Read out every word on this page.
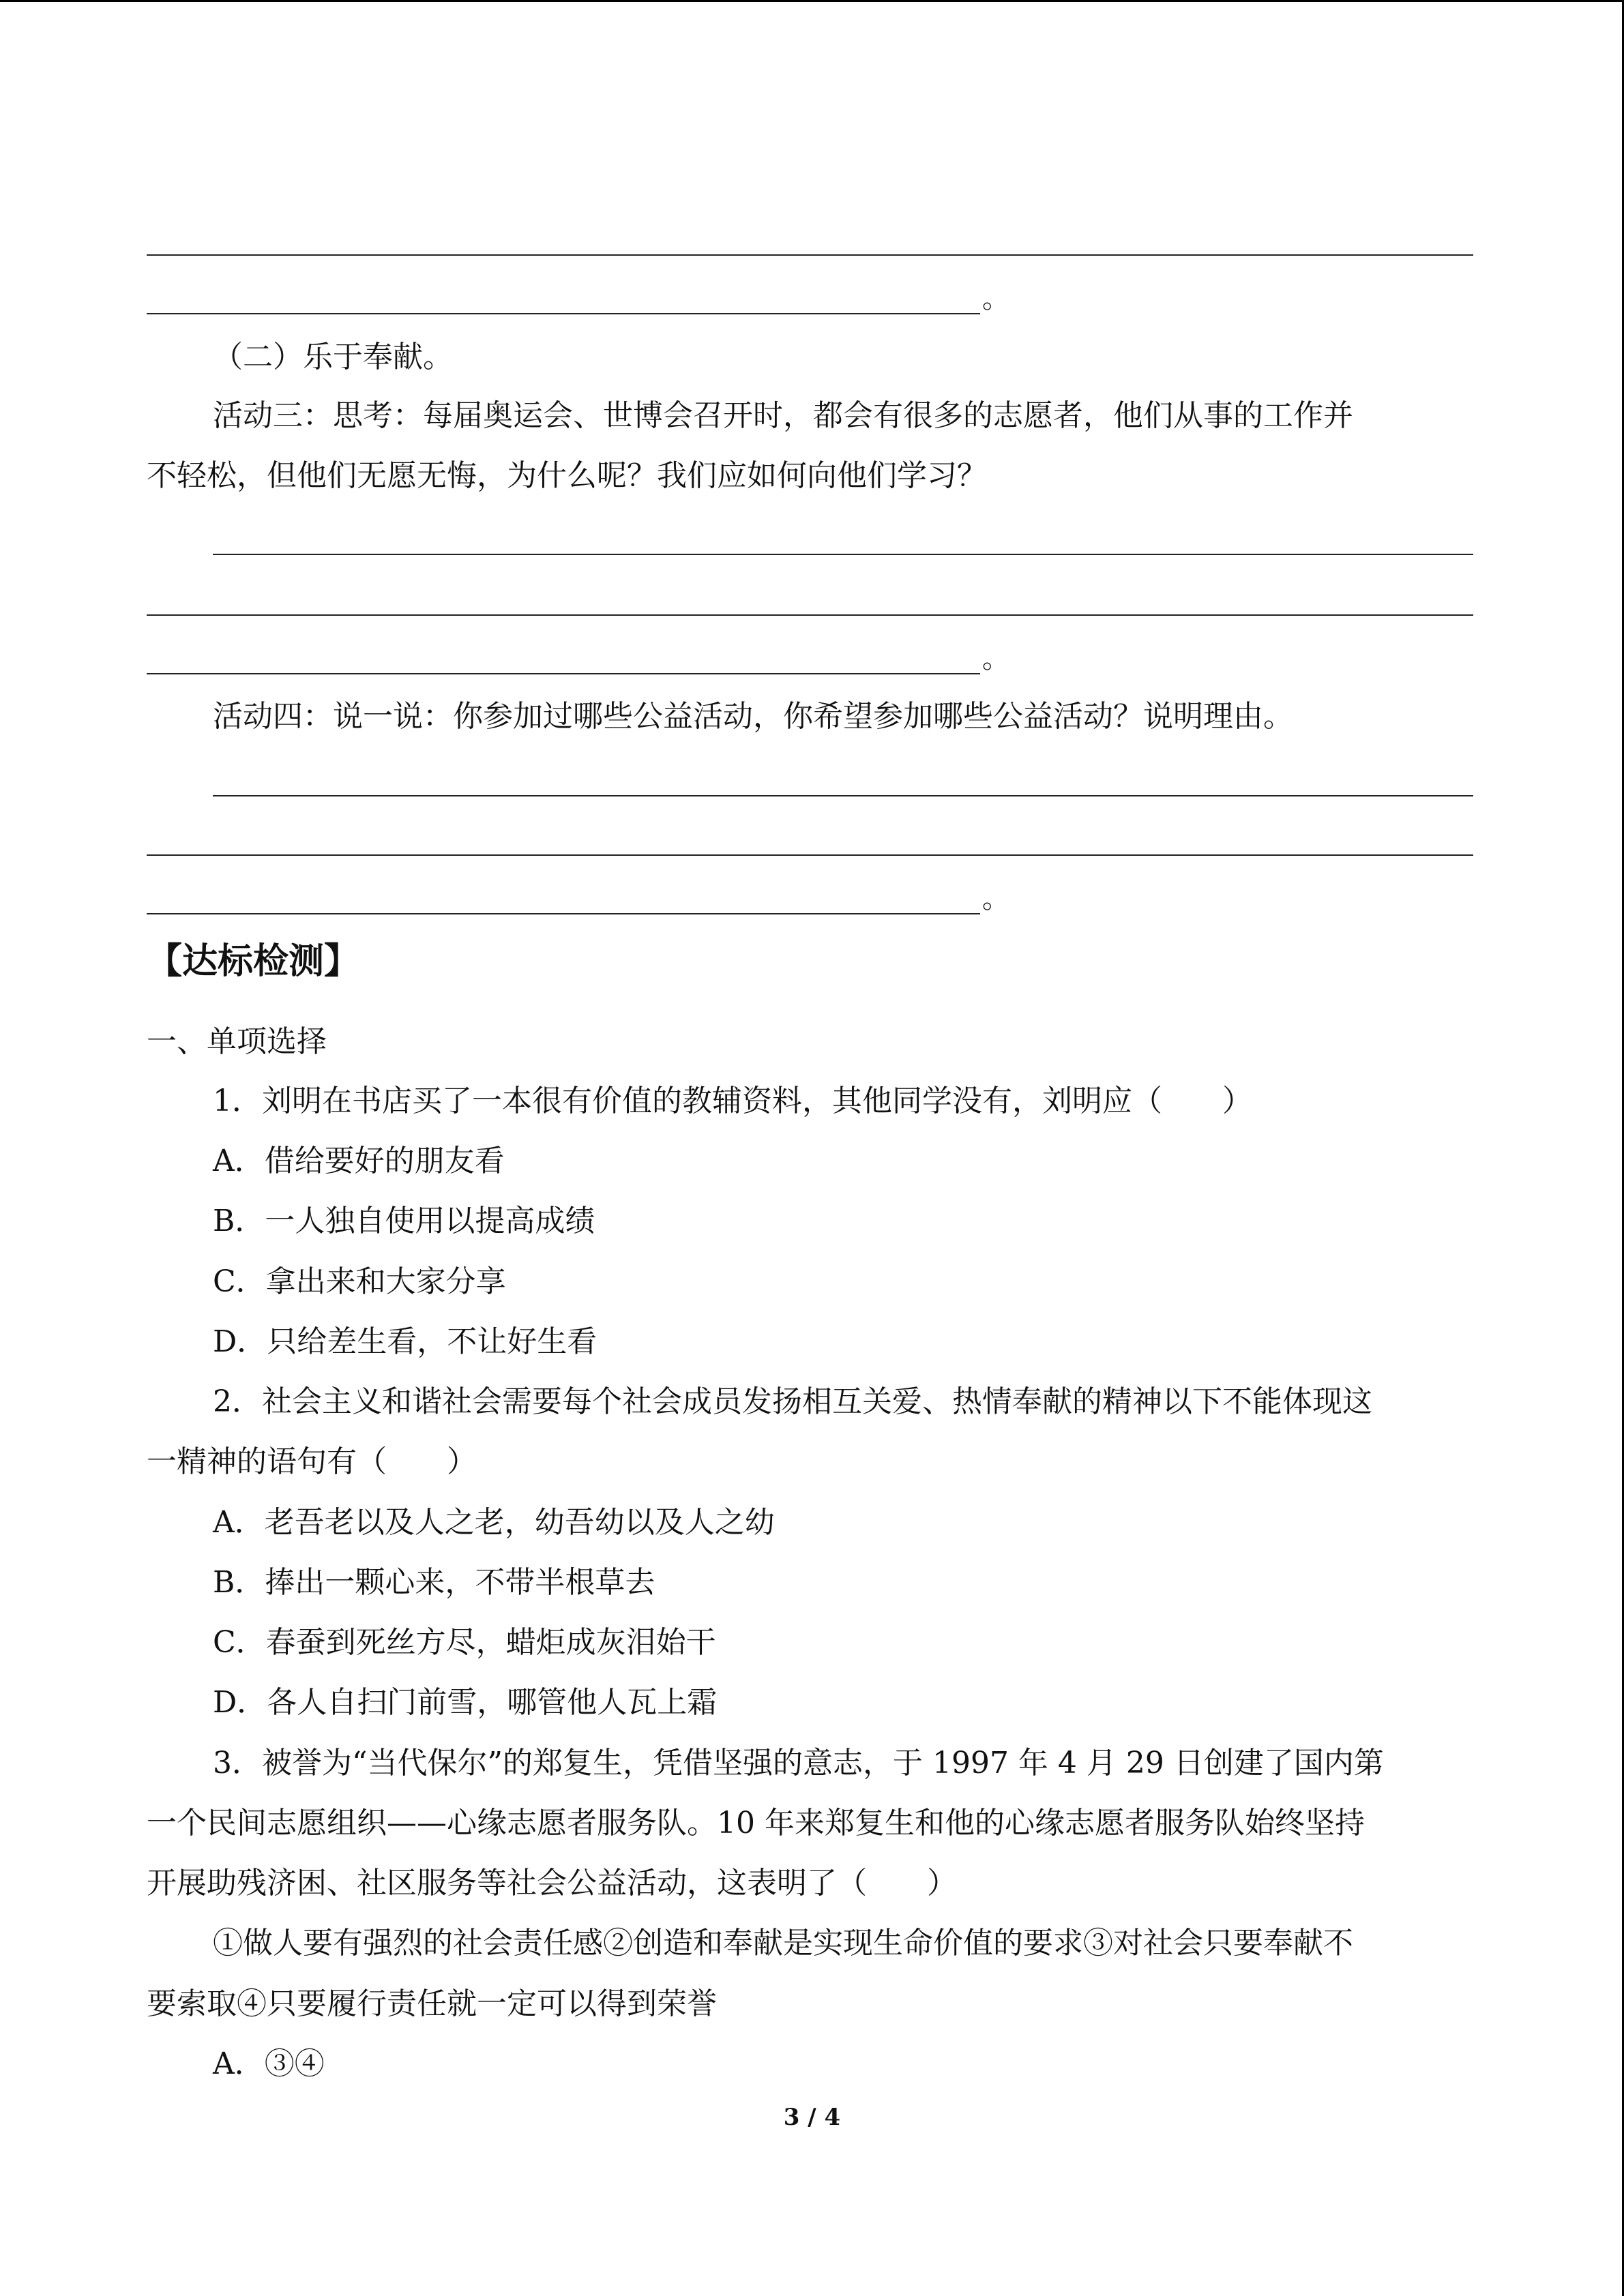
。
（二）乐于奉献。
活动三：思考：每届奥运会、世博会召开时，都会有很多的志愿者，他们从事的工作并
不轻松，但他们无愿无悔，为什么呢？我们应如何向他们学习？
。
活动四：说一说：你参加过哪些公益活动，你希望参加哪些公益活动？说明理由。
。
【达标检测】
一、单项选择
1．刘明在书店买了一本很有价值的教辅资料，其他同学没有，刘明应（　　）
A．借给要好的朋友看
B．一人独自使用以提高成绩
C．拿出来和大家分享
D．只给差生看，不让好生看
2．社会主义和谐社会需要每个社会成员发扬相互关爱、热情奉献的精神以下不能体现这
一精神的语句有（　　）
A．老吾老以及人之老，幼吾幼以及人之幼
B．捧出一颗心来，不带半根草去
C．春蚕到死丝方尽，蜡炬成灰泪始干
D．各人自扫门前雪，哪管他人瓦上霜
3．被誉为“当代保尔”的郑复生，凭借坚强的意志，于 1997 年 4 月 29 日创建了国内第
一个民间志愿组织——心缘志愿者服务队。10 年来郑复生和他的心缘志愿者服务队始终坚持
开展助残济困、社区服务等社会公益活动，这表明了（　　）
①做人要有强烈的社会责任感②创造和奉献是实现生命价值的要求③对社会只要奉献不
要索取④只要履行责任就一定可以得到荣誉
A．③④
3 / 4
